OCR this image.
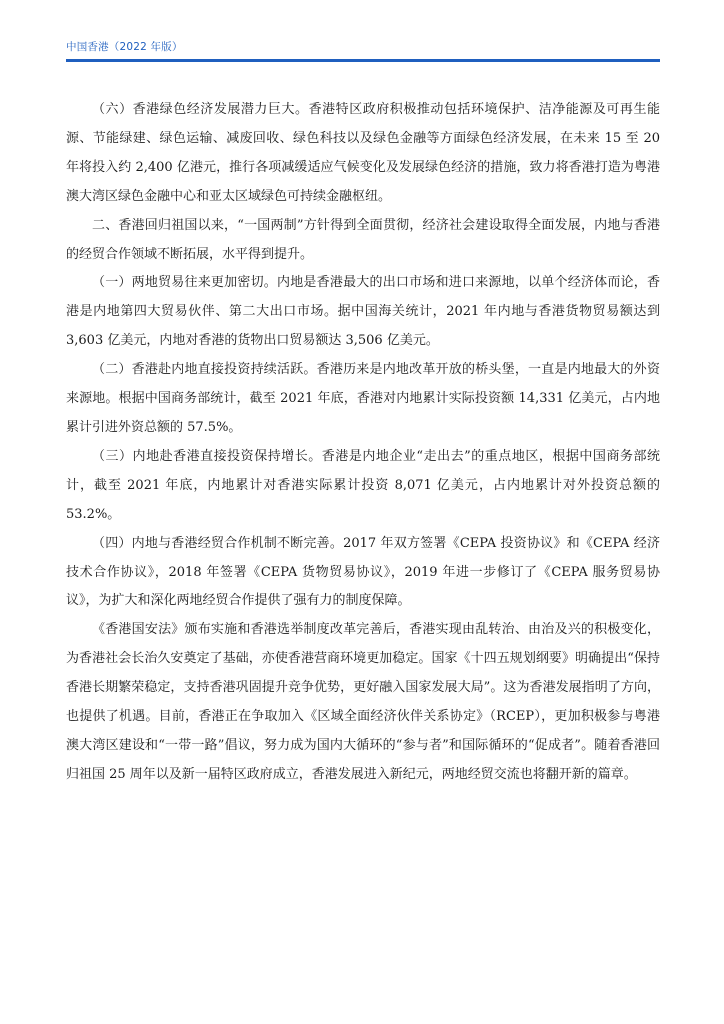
中国香港（2022 年版）

（六）香港绿色经济发展潜力巨大。香港特区政府积极推动包括环境保护、洁净能源及可再生能源、节能绿建、绿色运输、减废回收、绿色科技以及绿色金融等方面绿色经济发展，在未来 15 至 20 年将投入约 2,400 亿港元，推行各项减缓适应气候变化及发展绿色经济的措施，致力将香港打造为粤港澳大湾区绿色金融中心和亚太区域绿色可持续金融枢纽。

二、香港回归祖国以来，“一国两制”方针得到全面贯彻，经济社会建设取得全面发展，内地与香港的经贸合作领域不断拓展，水平得到提升。

（一）两地贸易往来更加密切。内地是香港最大的出口市场和进口来源地，以单个经济体而论，香港是内地第四大贸易伙伴、第二大出口市场。据中国海关统计，2021 年内地与香港货物贸易额达到 3,603 亿美元，内地对香港的货物出口贸易额达 3,506 亿美元。

（二）香港赴内地直接投资持续活跃。香港历来是内地改革开放的桥头堡，一直是内地最大的外资来源地。根据中国商务部统计，截至 2021 年底，香港对内地累计实际投资额 14,331 亿美元，占内地累计引进外资总额的 57.5%。

（三）内地赴香港直接投资保持增长。香港是内地企业“走出去”的重点地区，根据中国商务部统计，截至 2021 年底，内地累计对香港实际累计投资 8,071 亿美元，占内地累计对外投资总额的 53.2%。

（四）内地与香港经贸合作机制不断完善。2017 年双方签署《CEPA 投资协议》和《CEPA 经济技术合作协议》，2018 年签署《CEPA 货物贸易协议》，2019 年进一步修订了《CEPA 服务贸易协议》，为扩大和深化两地经贸合作提供了强有力的制度保障。

《香港国安法》颁布实施和香港选举制度改革完善后，香港实现由乱转治、由治及兴的积极变化，为香港社会长治久安奠定了基础，亦使香港营商环境更加稳定。国家《十四五规划纲要》明确提出“保持香港长期繁荣稳定，支持香港巩固提升竞争优势，更好融入国家发展大局”。这为香港发展指明了方向，也提供了机遇。目前，香港正在争取加入《区域全面经济伙伴关系协定》（RCEP），更加积极参与粤港澳大湾区建设和“一带一路”倡议，努力成为国内大循环的“参与者”和国际循环的“促成者”。随着香港回归祖国 25 周年以及新一届特区政府成立，香港发展进入新纪元，两地经贸交流也将翻开新的篇章。
